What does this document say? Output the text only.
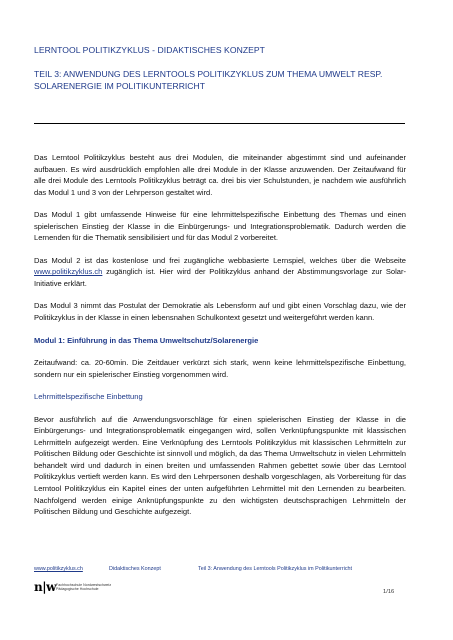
LERNTOOL POLITIKZYKLUS - DIDAKTISCHES KONZEPT
TEIL 3: ANWENDUNG DES LERNTOOLS POLITIKZYKLUS ZUM THEMA UMWELT RESP. SOLARENERGIE IM POLITIKUNTERRICHT

Das Lerntool Politikzyklus besteht aus drei Modulen, die miteinander abgestimmt sind und aufeinander aufbauen. Es wird ausdrücklich empfohlen alle drei Module in der Klasse anzuwenden. Der Zeitaufwand für alle drei Module des Lerntools Politikzyklus beträgt ca. drei bis vier Schulstunden, je nachdem wie ausführlich das Modul 1 und 3 von der Lehrperson gestaltet wird.

Das Modul 1 gibt umfassende Hinweise für eine lehrmittelspezifische Einbettung des Themas und einen spielerischen Einstieg der Klasse in die Einbürgerungs- und Integrationsproblematik. Dadurch werden die Lernenden für die Thematik sensibilisiert und für das Modul 2 vorbereitet.

Das Modul 2 ist das kostenlose und frei zugängliche webbasierte Lernspiel, welches über die Webseite www.politikzyklus.ch zugänglich ist. Hier wird der Politikzyklus anhand der Abstimmungsvorlage zur Solar-Initiative erklärt.

Das Modul 3 nimmt das Postulat der Demokratie als Lebensform auf und gibt einen Vorschlag dazu, wie der Politikzyklus in der Klasse in einen lebensnahen Schulkontext gesetzt und weitergeführt werden kann.

Modul 1: Einführung in das Thema Umweltschutz/Solarenergie

Zeitaufwand: ca. 20-60min. Die Zeitdauer verkürzt sich stark, wenn keine lehrmittelspezifische Einbettung, sondern nur ein spielerischer Einstieg vorgenommen wird.

Lehrmittelspezifische Einbettung

Bevor ausführlich auf die Anwendungsvorschläge für einen spielerischen Einstieg der Klasse in die Einbürgerungs- und Integrationsproblematik eingegangen wird, sollen Verknüpfungspunkte mit klassischen Lehrmitteln aufgezeigt werden. Eine Verknüpfung des Lerntools Politikzyklus mit klassischen Lehrmitteln zur Politischen Bildung oder Geschichte ist sinnvoll und möglich, da das Thema Umweltschutz in vielen Lehrmitteln behandelt wird und dadurch in einen breiten und umfassenden Rahmen gebettet sowie über das Lerntool Politikzyklus vertieft werden kann. Es wird den Lehrpersonen deshalb vorgeschlagen, als Vorbereitung für das Lerntool Politikzyklus ein Kapitel eines der unten aufgeführten Lehrmittel mit den Lernenden zu bearbeiten. Nachfolgend werden einige Anknüpfungspunkte zu den wichtigsten deutschsprachigen Lehrmitteln der Politischen Bildung und Geschichte aufgezeigt.

www.politikzyklus.ch	Didaktisches Konzept	Teil 3: Anwendung des Lerntools Politikzyklus im Politikunterricht
n|w Fachhochschule Nordwestschweiz
Pädagogische Hochschule	1/16
